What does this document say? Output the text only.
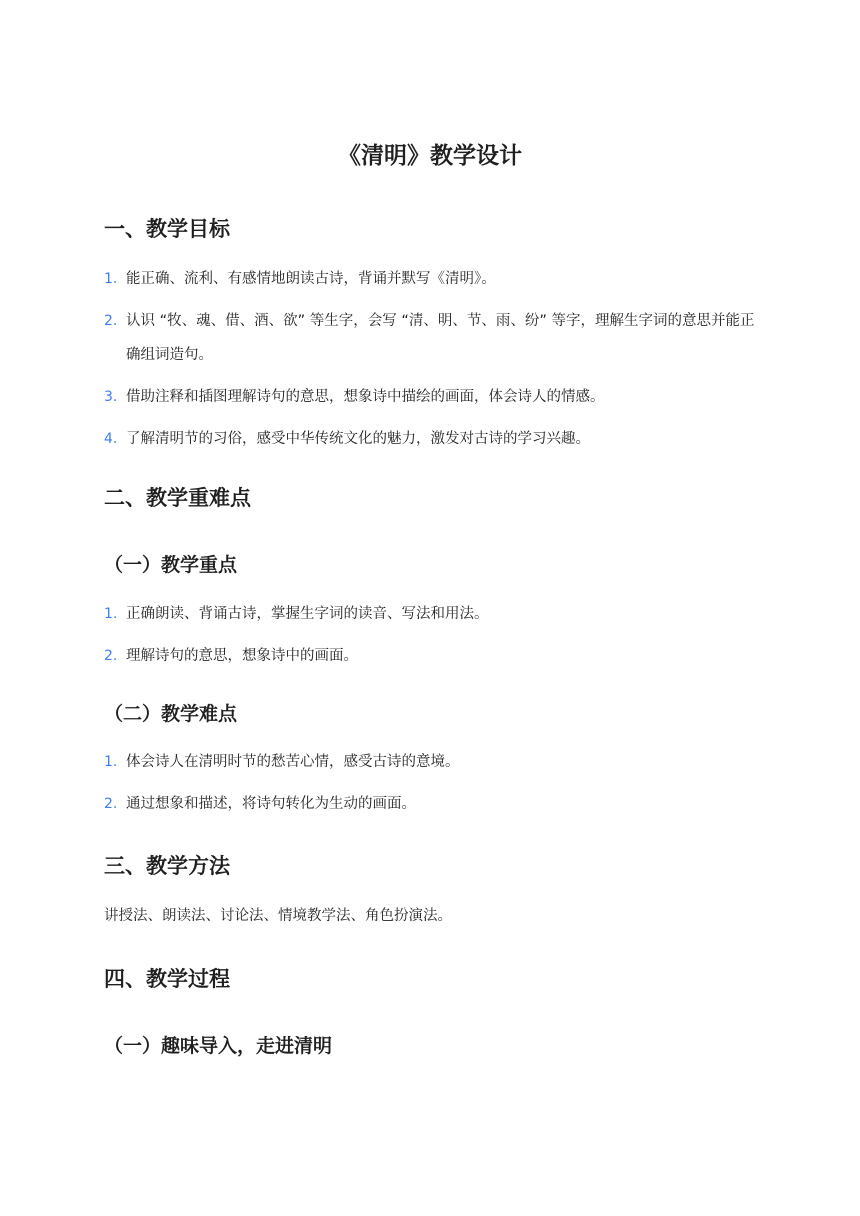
《清明》教学设计
一、教学目标
1. 能正确、流利、有感情地朗读古诗，背诵并默写《清明》。
2. 认识 “牧、魂、借、酒、欲” 等生字，会写 “清、明、节、雨、纷” 等字，理解生字词的意思并能正确组词造句。
3. 借助注释和插图理解诗句的意思，想象诗中描绘的画面，体会诗人的情感。
4. 了解清明节的习俗，感受中华传统文化的魅力，激发对古诗的学习兴趣。
二、教学重难点
（一）教学重点
1. 正确朗读、背诵古诗，掌握生字词的读音、写法和用法。
2. 理解诗句的意思，想象诗中的画面。
（二）教学难点
1. 体会诗人在清明时节的愁苦心情，感受古诗的意境。
2. 通过想象和描述，将诗句转化为生动的画面。
三、教学方法

讲授法、朗读法、讨论法、情境教学法、角色扮演法。

四、教学过程
（一）趣味导入，走进清明
